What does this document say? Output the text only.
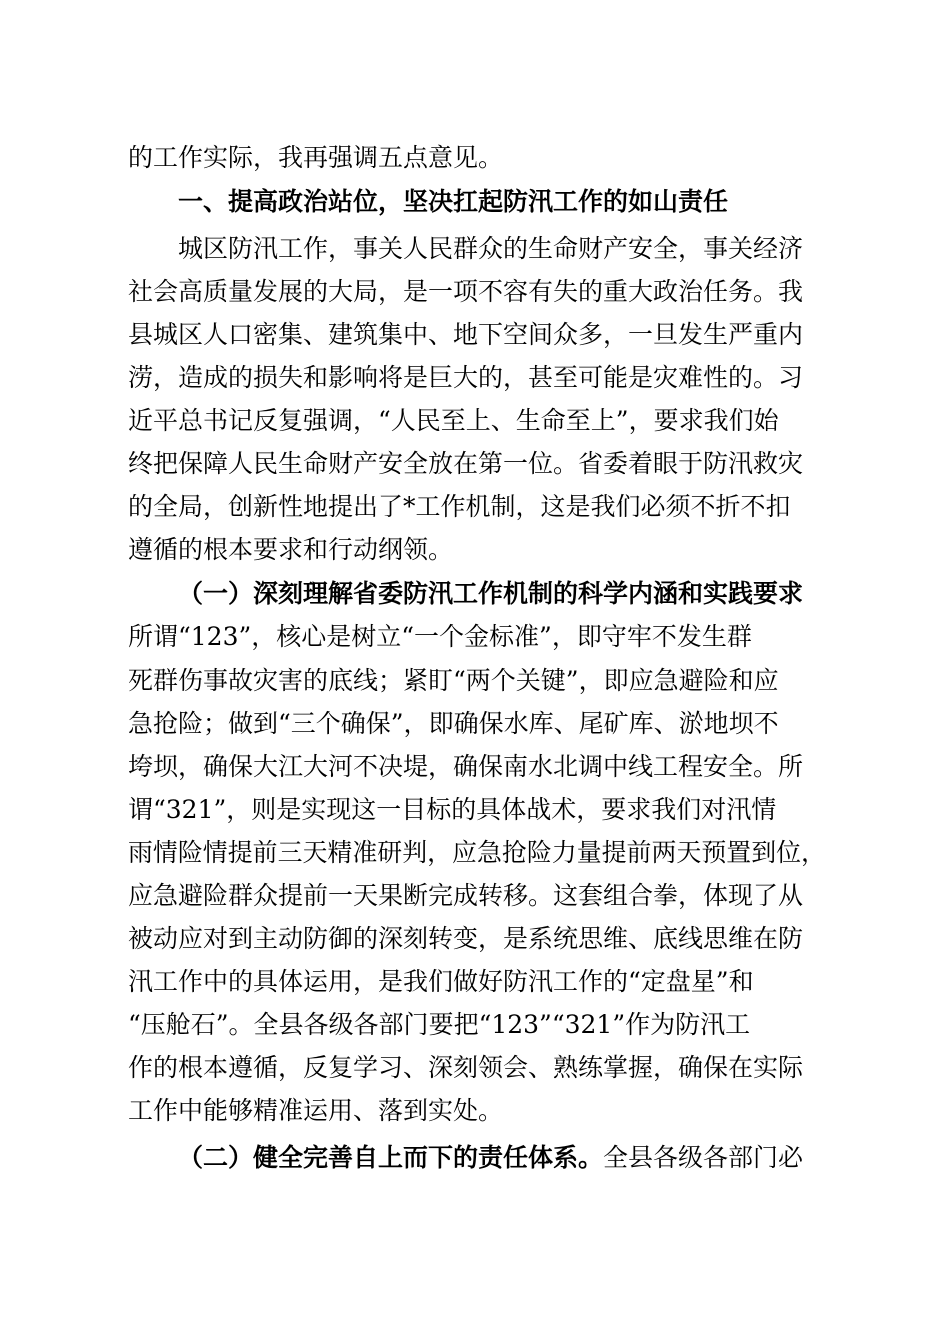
的工作实际，我再强调五点意见。
一、提高政治站位，坚决扛起防汛工作的如山责任
城区防汛工作，事关人民群众的生命财产安全，事关经济
社会高质量发展的大局，是一项不容有失的重大政治任务。我
县城区人口密集、建筑集中、地下空间众多，一旦发生严重内
涝，造成的损失和影响将是巨大的，甚至可能是灾难性的。习
近平总书记反复强调，“人民至上、生命至上”，要求我们始
终把保障人民生命财产安全放在第一位。省委着眼于防汛救灾
的全局，创新性地提出了*工作机制，这是我们必须不折不扣
遵循的根本要求和行动纲领。
（一）深刻理解省委防汛工作机制的科学内涵和实践要求
所谓“123”，核心是树立“一个金标准”，即守牢不发生群
死群伤事故灾害的底线；紧盯“两个关键”，即应急避险和应
急抢险；做到“三个确保”，即确保水库、尾矿库、淤地坝不
垮坝，确保大江大河不决堤，确保南水北调中线工程安全。所
谓“321”，则是实现这一目标的具体战术，要求我们对汛情
雨情险情提前三天精准研判，应急抢险力量提前两天预置到位，
应急避险群众提前一天果断完成转移。这套组合拳，体现了从
被动应对到主动防御的深刻转变，是系统思维、底线思维在防
汛工作中的具体运用，是我们做好防汛工作的“定盘星”和
“压舱石”。全县各级各部门要把“123”“321”作为防汛工
作的根本遵循，反复学习、深刻领会、熟练掌握，确保在实际
工作中能够精准运用、落到实处。
（二）健全完善自上而下的责任体系。全县各级各部门必
